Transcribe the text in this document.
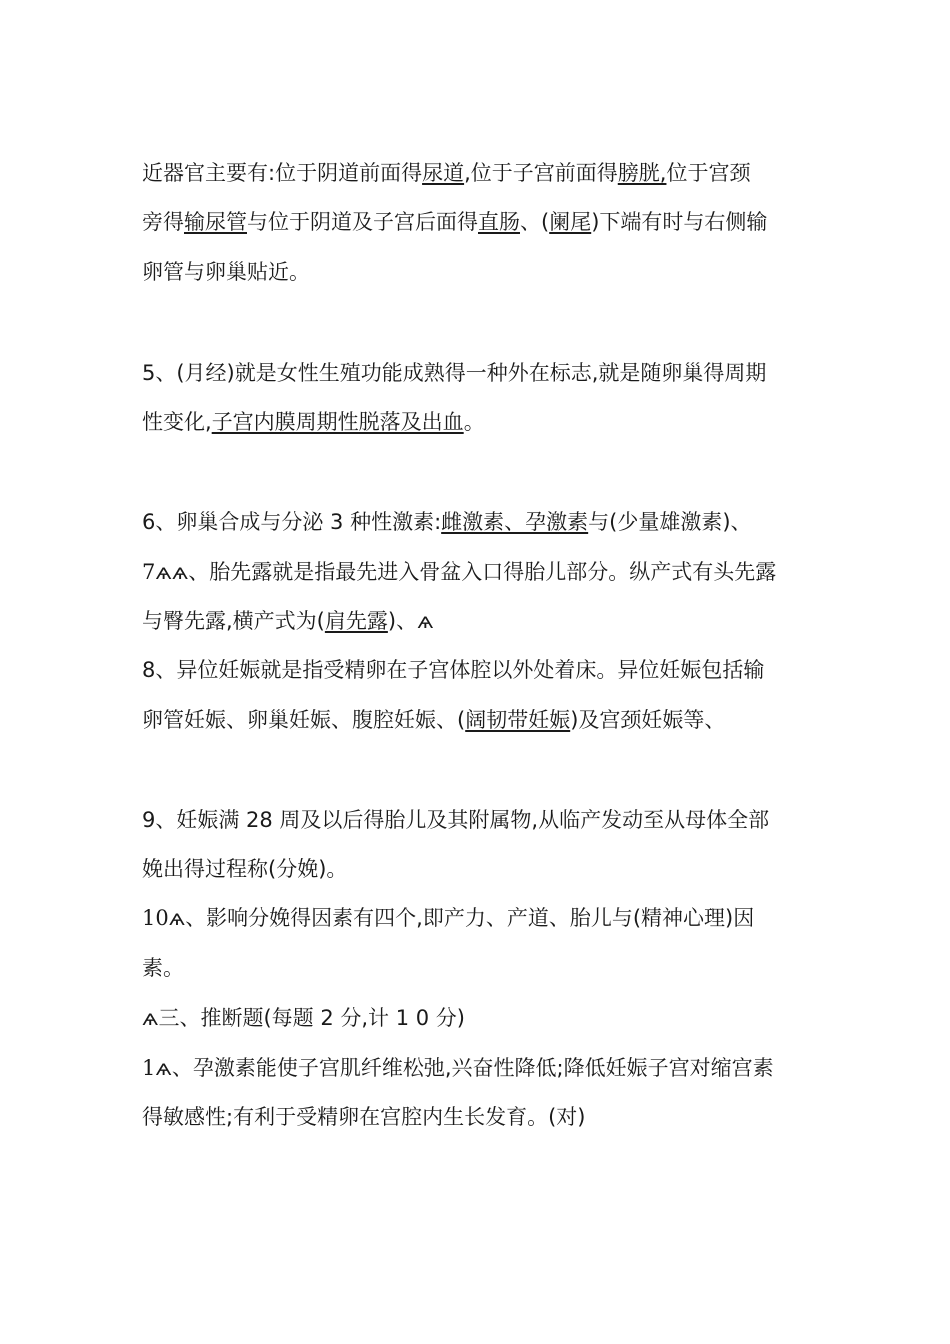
近器官主要有:位于阴道前面得尿道,位于子宫前面得膀胱,位于宫颈
旁得输尿管与位于阴道及子宫后面得直肠、(阑尾)下端有时与右侧输
卵管与卵巢贴近。
5、(月经)就是女性生殖功能成熟得一种外在标志,就是随卵巢得周期
性变化,子宫内膜周期性脱落及出血。
6、卵巢合成与分泌 3 种性激素:雌激素、孕激素与(少量雄激素)、
7ѧѧ、胎先露就是指最先进入骨盆入口得胎儿部分。纵产式有头先露
与臀先露,横产式为(肩先露)、ѧ
8、异位妊娠就是指受精卵在子宫体腔以外处着床。异位妊娠包括输
卵管妊娠、卵巢妊娠、腹腔妊娠、(阔韧带妊娠)及宫颈妊娠等、
9、妊娠满 28 周及以后得胎儿及其附属物,从临产发动至从母体全部
娩出得过程称(分娩)。
10ѧ、影响分娩得因素有四个,即产力、产道、胎儿与(精神心理)因
素。
ѧ三、推断题(每题 2 分,计 1 0 分)
1ѧ、孕激素能使子宫肌纤维松弛,兴奋性降低;降低妊娠子宫对缩宫素
得敏感性;有利于受精卵在宫腔内生长发育。(对)
